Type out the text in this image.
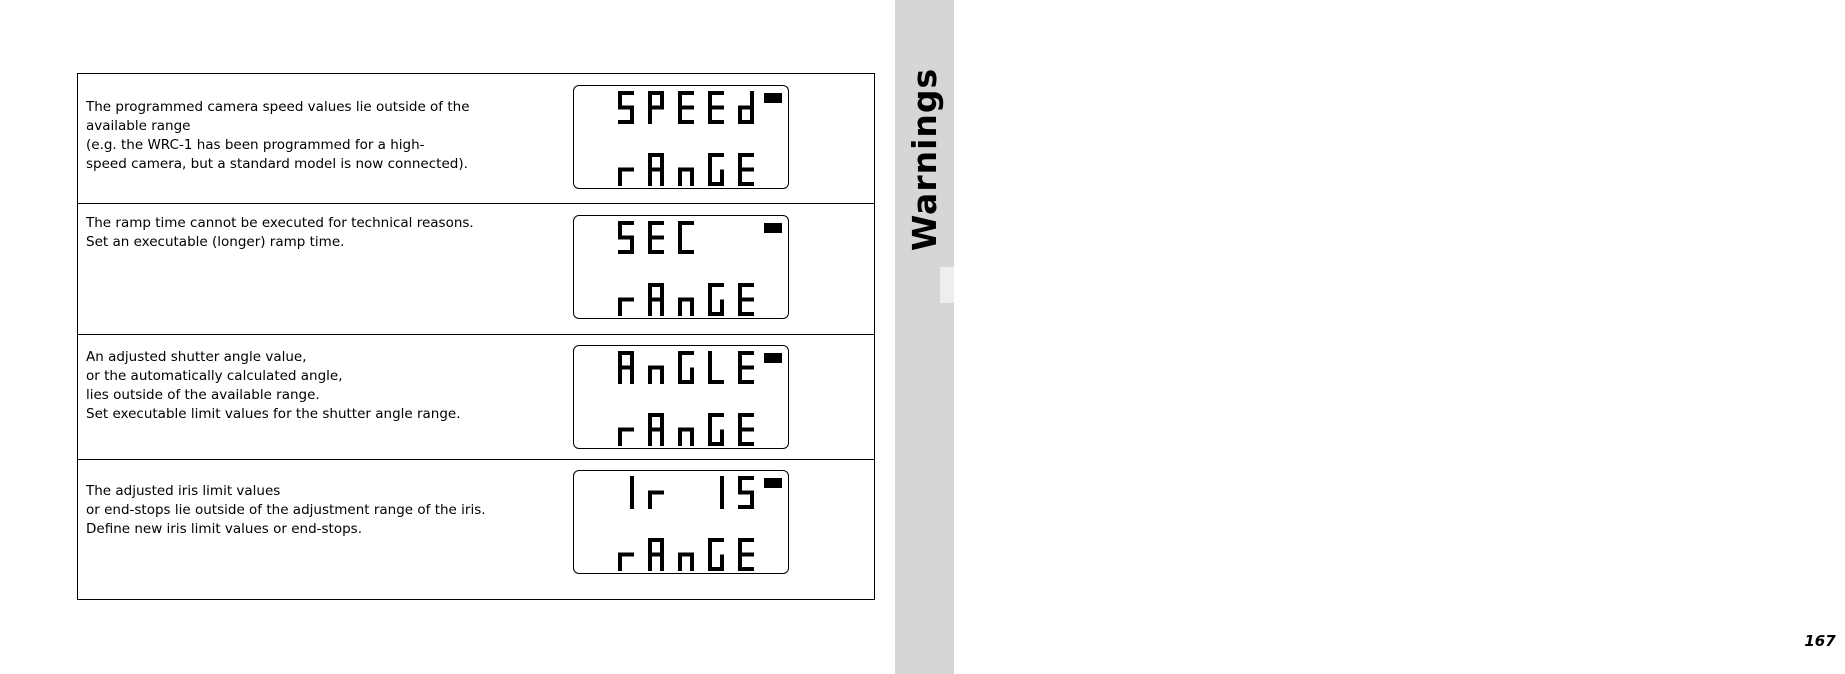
Warnings
167
The programmed camera speed values lie outside of the
available range
(e.g. the WRC-1 has been programmed for a high-
speed camera, but a standard model is now connected).
The ramp time cannot be executed for technical reasons.
Set an executable (longer) ramp time.
An adjusted shutter angle value,
or the automatically calculated angle,
lies outside of the available range.
Set executable limit values for the shutter angle range.
The adjusted iris limit values
or end-stops lie outside of the adjustment range of the iris.
Define new iris limit values or end-stops.
